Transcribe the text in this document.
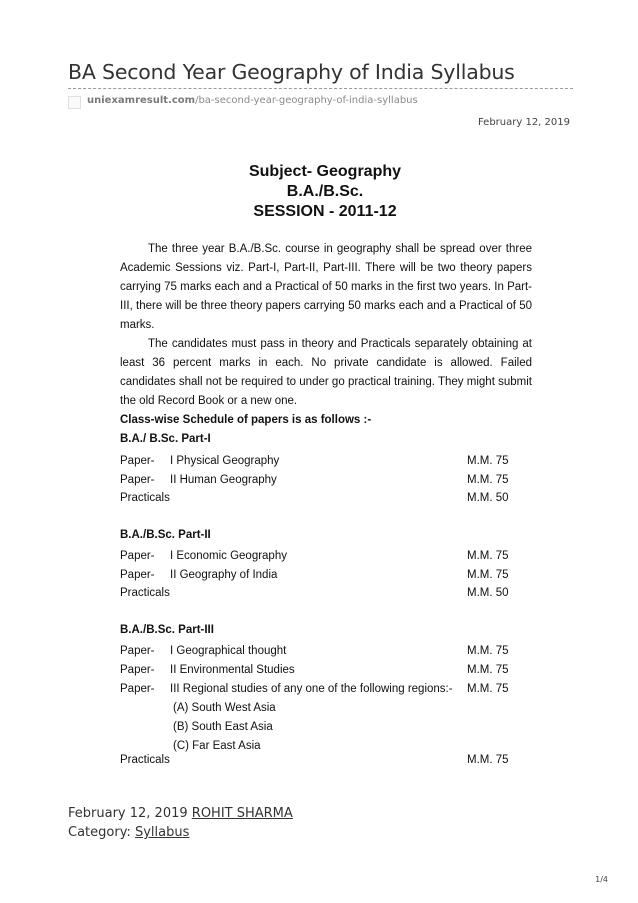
BA Second Year Geography of India Syllabus
uniexamresult.com/ba-second-year-geography-of-india-syllabus
February 12, 2019
Subject- Geography
B.A./B.Sc.
SESSION - 2011-12

The three year B.A./B.Sc. course in geography shall be spread over three Academic Sessions viz. Part-I, Part-II, Part-III. There will be two theory papers carrying 75 marks each and a Practical of 50 marks in the first two years. In Part-III, there will be three theory papers carrying 50 marks each and a Practical of 50 marks.

The candidates must pass in theory and Practicals separately obtaining at least 36 percent marks in each. No private candidate is allowed. Failed candidates shall not be required to under go practical training. They might submit the old Record Book or a new one.

Class-wise Schedule of papers is as follows :-
B.A./ B.Sc. Part-I
Paper- I Physical Geography	M.M. 75
Paper- II Human Geography	M.M. 75
Practicals	M.M. 50
B.A./B.Sc. Part-II
Paper- I Economic Geography	M.M. 75
Paper- II Geography of India	M.M. 75
Practicals	M.M. 50
B.A./B.Sc. Part-III
Paper- I Geographical thought	M.M. 75
Paper- II Environmental Studies	M.M. 75
Paper- III Regional studies of any one of the following regions:- M.M. 75
(A) South West Asia
(B) South East Asia
(C) Far East Asia
Practicals	M.M. 75
February 12, 2019 ROHIT SHARMA
Category: Syllabus
1/4
